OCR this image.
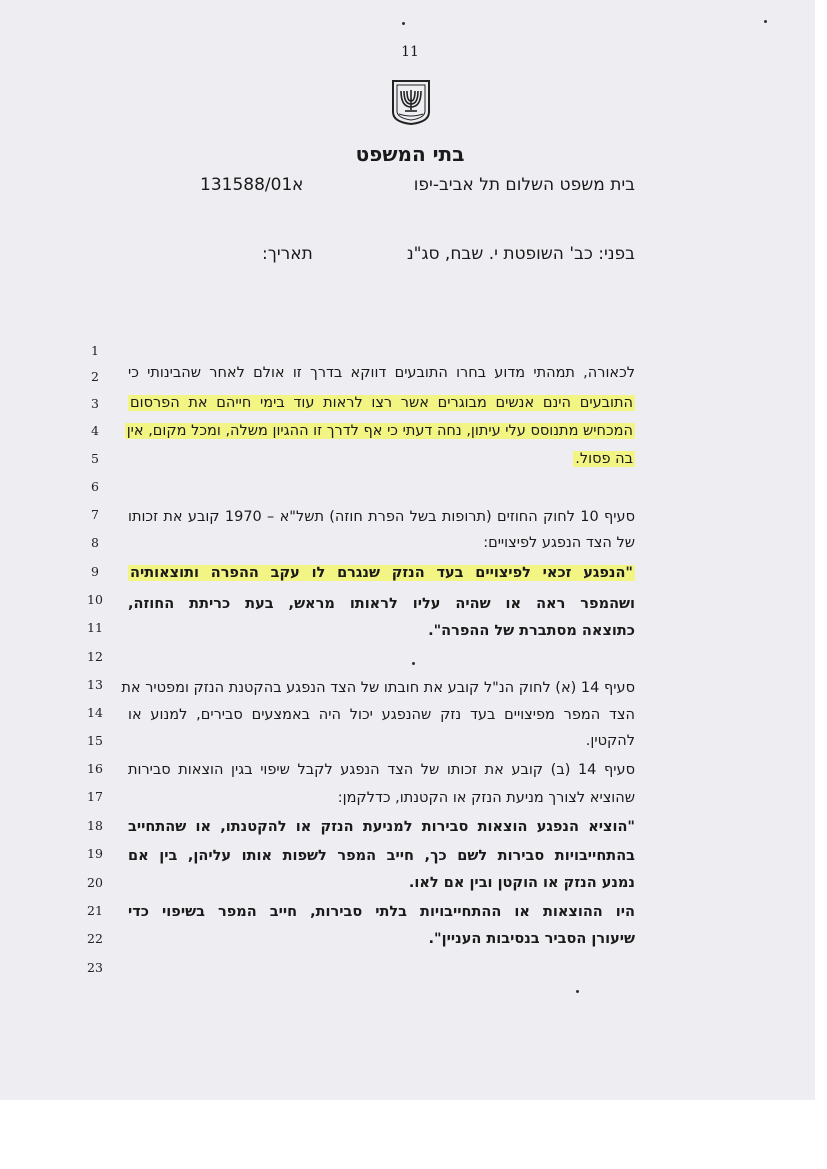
11
בתי המשפט
בית משפט השלום תל אביב-יפו
א
131588/01
בפני: כב' השופטת י. שבח, סג"נ
תאריך:
1
2
3
4
5
6
7
8
9
10
11
12
13
14
15
16
17
18
19
20
21
22
23
לכאורה, תמהתי מדוע בחרו התובעים דווקא בדרך זו אולם לאחר שהבינותי כי
התובעים הינם אנשים מבוגרים אשר רצו לראות עוד בימי חייהם את הפרסום
המכחיש מתנוסס עלי עיתון, נחה דעתי כי אף לדרך זו ההגיון משלה, ומכל מקום, אין
בה פסול.
סעיף 10 לחוק החוזים (תרופות בשל הפרת חוזה) תשל"א – 1970 קובע את זכותו
של הצד הנפגע לפיצויים:
"הנפגע זכאי לפיצויים בעד הנזק שנגרם לו עקב ההפרה ותוצאותיה
ושהמפר ראה או שהיה עליו לראותו מראש, בעת כריתת החוזה,
כתוצאה מסתברת של ההפרה".
סעיף 14 (א) לחוק הנ"ל קובע את חובתו של הצד הנפגע בהקטנת הנזק ומפטיר את
הצד המפר מפיצויים בעד נזק שהנפגע יכול היה באמצעים סבירים, למנוע או
להקטין.
סעיף 14 (ב) קובע את זכותו של הצד הנפגע לקבל שיפוי בגין הוצאות סבירות
שהוציא לצורך מניעת הנזק או הקטנתו, כדלקמן:
"הוציא הנפגע הוצאות סבירות למניעת הנזק או להקטנתו, או שהתחייב
בהתחייבויות סבירות לשם כך, חייב המפר לשפות אותו עליהן, בין אם
נמנע הנזק או הוקטן ובין אם לאו.
היו ההוצאות או ההתחייבויות בלתי סבירות, חייב המפר בשיפוי כדי
שיעורן הסביר בנסיבות העניין".
